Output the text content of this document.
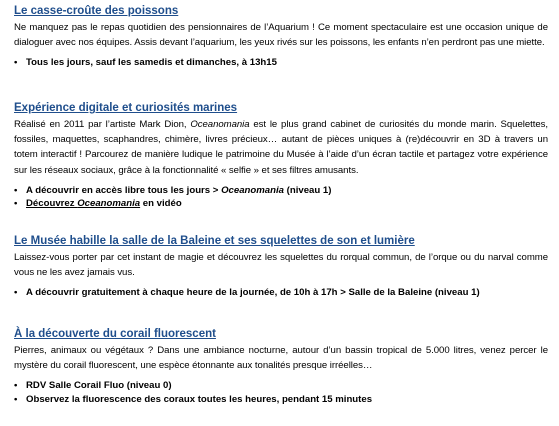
Le casse-croûte des poissons

Ne manquez pas le repas quotidien des pensionnaires de l’Aquarium ! Ce moment spectaculaire est une occasion unique de dialoguer avec nos équipes. Assis devant l’aquarium, les yeux rivés sur les poissons, les enfants n’en perdront pas une miette.

• Tous les jours, sauf les samedis et dimanches, à 13h15
Expérience digitale et curiosités marines

Réalisé en 2011 par l’artiste Mark Dion, Oceanomania est le plus grand cabinet de curiosités du monde marin. Squelettes, fossiles, maquettes, scaphandres, chimère, livres précieux… autant de pièces uniques à (re)découvrir en 3D à travers un totem interactif ! Parcourez de manière ludique le patrimoine du Musée à l’aide d’un écran tactile et partagez votre expérience sur les réseaux sociaux, grâce à la fonctionnalité « selfie » et ses filtres amusants.

• A découvrir en accès libre tous les jours > Oceanomania (niveau 1)
• Découvrez Oceanomania en vidéo
Le Musée habille la salle de la Baleine et ses squelettes de son et lumière

Laissez-vous porter par cet instant de magie et découvrez les squelettes du rorqual commun, de l’orque ou du narval comme vous ne les avez jamais vus.

• A découvrir gratuitement à chaque heure de la journée, de 10h à 17h > Salle de la Baleine (niveau 1)
À la découverte du corail fluorescent

Pierres, animaux ou végétaux ? Dans une ambiance nocturne, autour d’un bassin tropical de 5.000 litres, venez percer le mystère du corail fluorescent, une espèce étonnante aux tonalités presque irréelles…

• RDV Salle Corail Fluo (niveau 0)
• Observez la fluorescence des coraux toutes les heures, pendant 15 minutes
